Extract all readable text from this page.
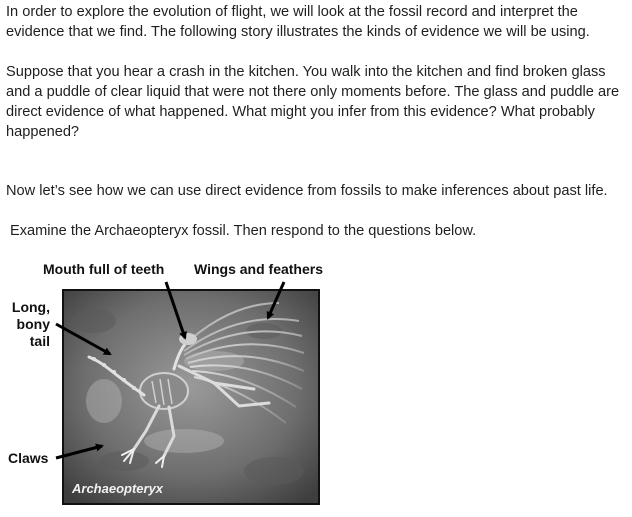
In order to explore the evolution of flight, we will look at the fossil record and interpret the evidence that we find. The following story illustrates the kinds of evidence we will be using.

Suppose that you hear a crash in the kitchen. You walk into the kitchen and find broken glass and a puddle of clear liquid that were not there only moments before. The glass and puddle are direct evidence of what happened. What might you infer from this evidence? What probably happened?

Now let’s see how we can use direct evidence from fossils to make inferences about past life.

Examine the Archaeopteryx fossil. Then respond to the questions below.

Mouth full of teeth Wings and feathers
Long, bony tail
Claws
Archaeopteryx
